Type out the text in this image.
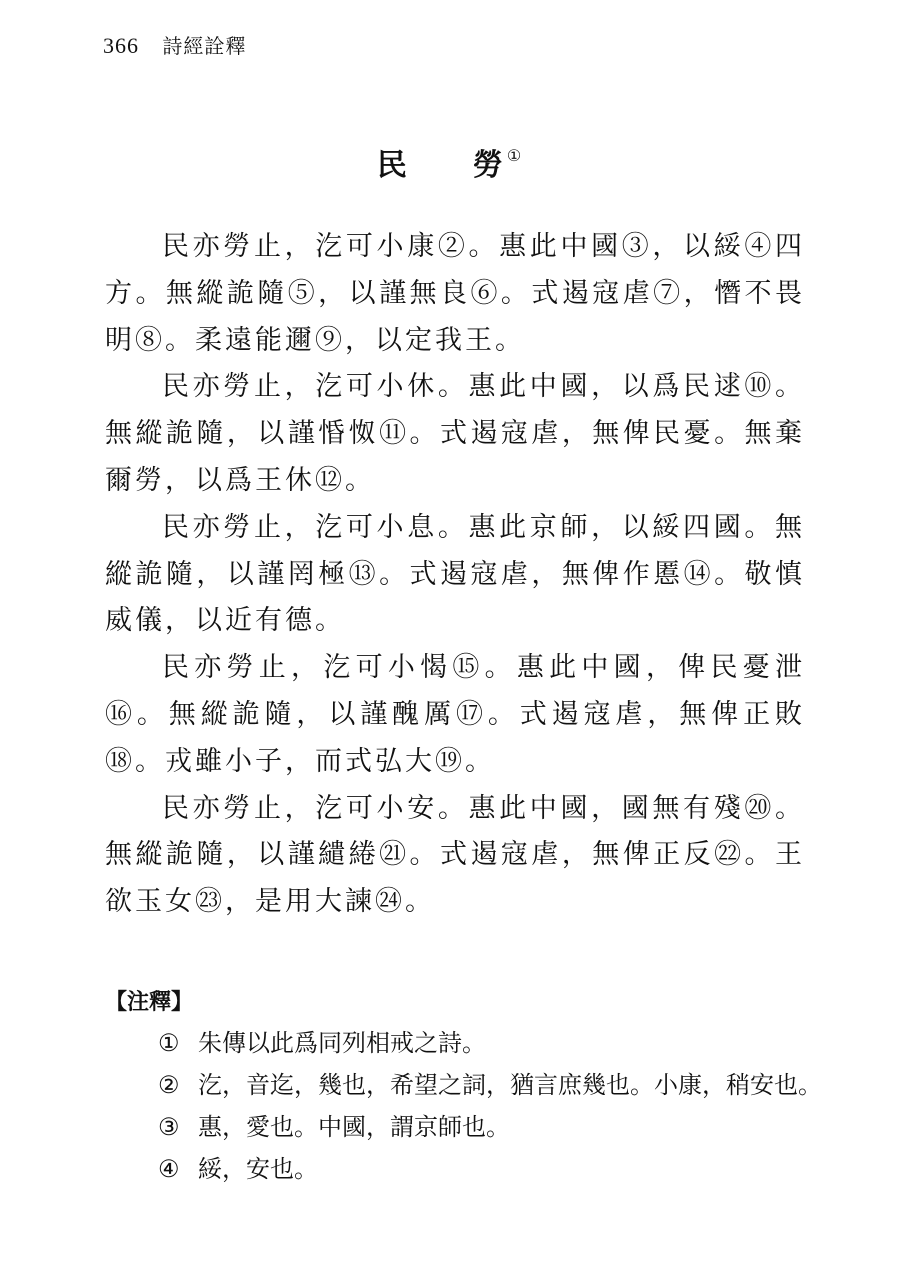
366 詩經詮釋
民 勞 ①

民亦勞止，汔可小康②。惠此中國③，以綏④四方。無縱詭隨⑤，以謹無良⑥。式遏寇虐⑦，憯不畏明⑧。柔遠能邇⑨，以定我王。

民亦勞止，汔可小休。惠此中國，以爲民逑⑩。無縱詭隨，以謹惛怓⑪。式遏寇虐，無俾民憂。無棄爾勞，以爲王休⑫。

民亦勞止，汔可小息。惠此京師，以綏四國。無縱詭隨，以謹罔極⑬。式遏寇虐，無俾作慝⑭。敬慎威儀，以近有德。

民亦勞止，汔可小愒⑮。惠此中國，俾民憂泄⑯。無縱詭隨，以謹醜厲⑰。式遏寇虐，無俾正敗⑱。戎雖小子，而式弘大⑲。

民亦勞止，汔可小安。惠此中國，國無有殘⑳。無縱詭隨，以謹繾綣㉑。式遏寇虐，無俾正反㉒。王欲玉女㉓，是用大諫㉔。

【注釋】
① 朱傳以此爲同列相戒之詩。
② 汔，音迄，幾也，希望之詞，猶言庶幾也。小康，稍安也。
③ 惠，愛也。中國，謂京師也。
④ 綏，安也。
